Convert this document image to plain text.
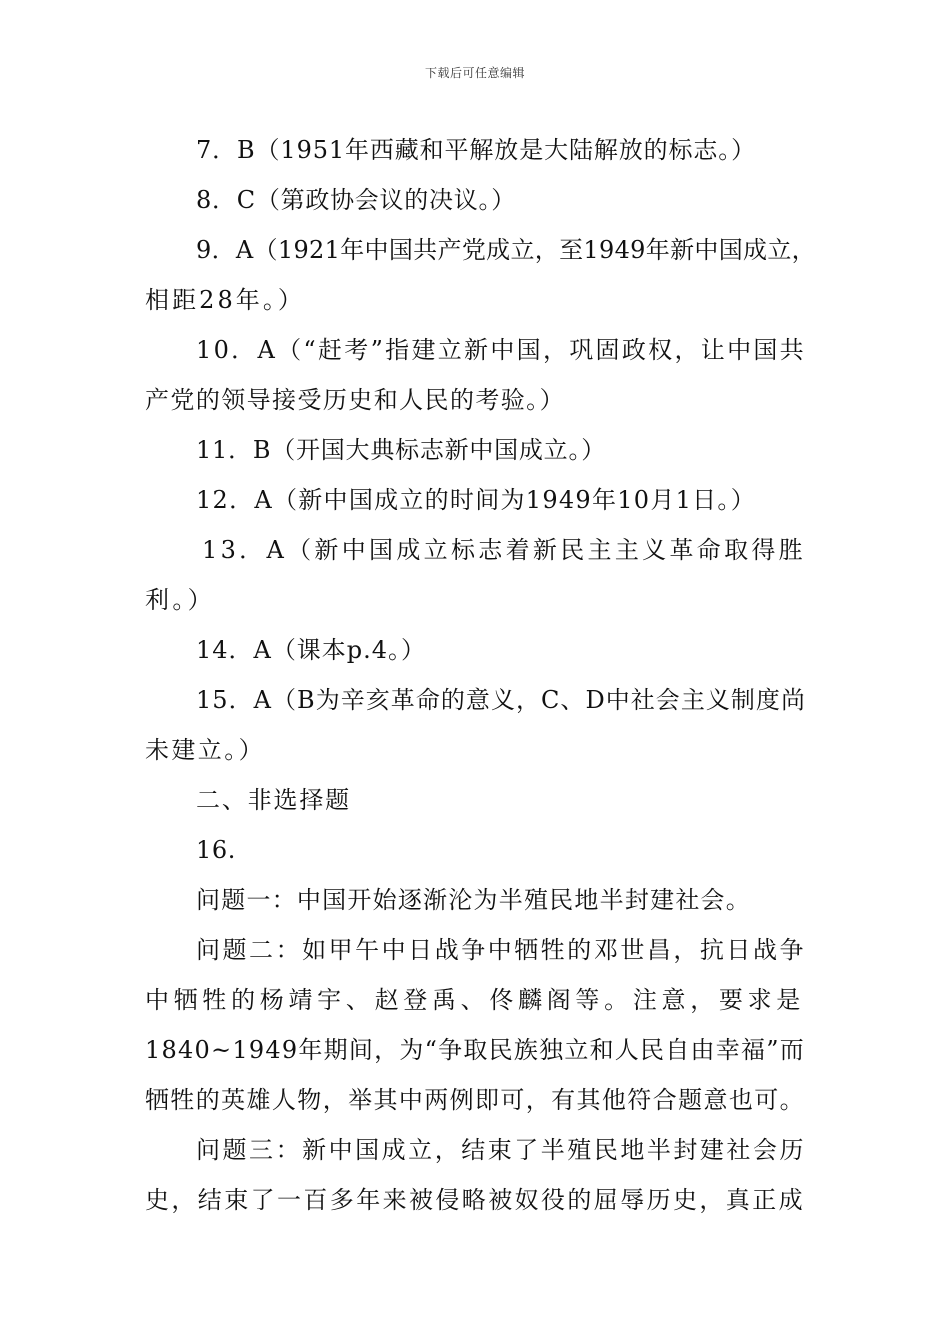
下载后可任意编辑
7．B（1951年西藏和平解放是大陆解放的标志。）
8．C（第政协会议的决议。）
9．A（1921年中国共产党成立，至1949年新中国成立，
相距28年。）
10．A（“赶考”指建立新中国，巩固政权，让中国共
产党的领导接受历史和人民的考验。）
11．B（开国大典标志新中国成立。）
12．A（新中国成立的时间为1949年10月1日。）
13．A（新中国成立标志着新民主主义革命取得胜
利。）
14．A（课本p.4。）
15．A（B为辛亥革命的意义，C、D中社会主义制度尚
未建立。）
二、非选择题
16.
问题一：中国开始逐渐沦为半殖民地半封建社会。
问题二：如甲午中日战争中牺牲的邓世昌，抗日战争
中牺牲的杨靖宇、赵登禹、佟麟阁等。注意，要求是
1840~1949年期间，为“争取民族独立和人民自由幸福”而
牺牲的英雄人物，举其中两例即可，有其他符合题意也可。
问题三：新中国成立，结束了半殖民地半封建社会历
史，结束了一百多年来被侵略被奴役的屈辱历史，真正成
